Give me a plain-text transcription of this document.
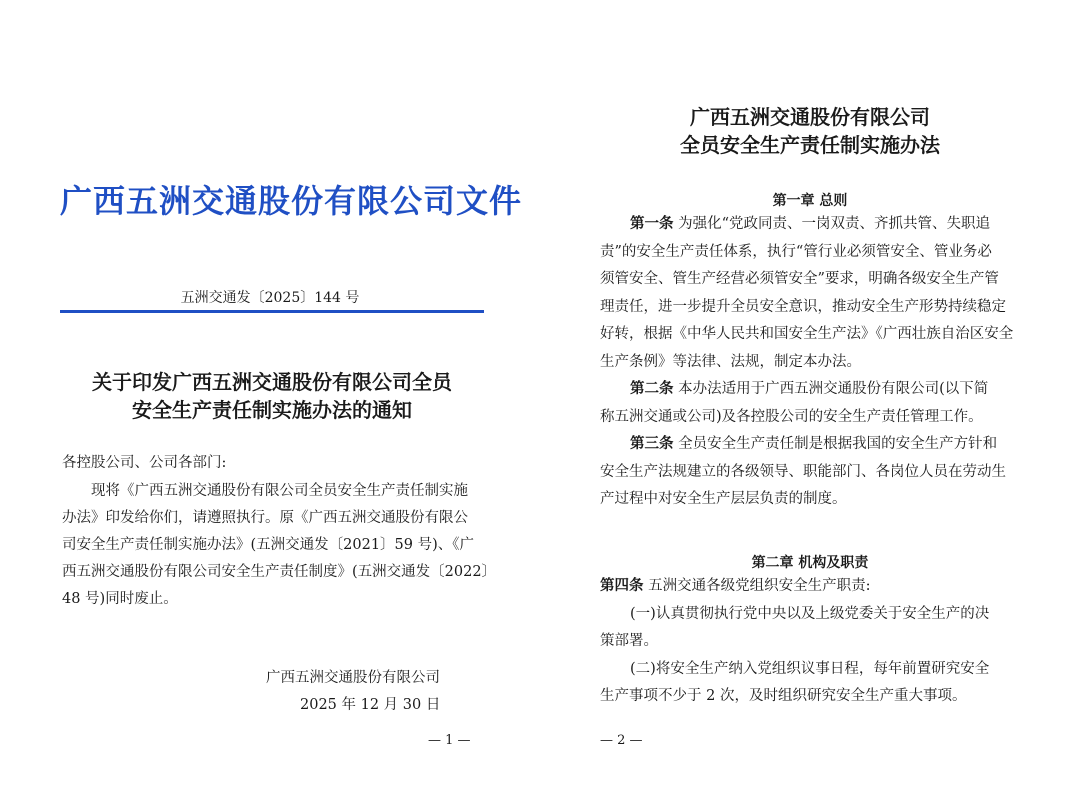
广西五洲交通股份有限公司文件
五洲交通发〔2025〕144 号
关于印发广西五洲交通股份有限公司全员
安全生产责任制实施办法的通知
各控股公司、公司各部门:
现将《广西五洲交通股份有限公司全员安全生产责任制实施
办法》印发给你们，请遵照执行。原《广西五洲交通股份有限公
司安全生产责任制实施办法》(五洲交通发〔2021〕59 号)、《广
西五洲交通股份有限公司安全生产责任制度》(五洲交通发〔2022〕
48 号)同时废止。
广西五洲交通股份有限公司
2025 年 12 月 30 日
— 1 —
广西五洲交通股份有限公司
全员安全生产责任制实施办法
第一章 总则
第一条 为强化“党政同责、一岗双责、齐抓共管、失职追
责”的安全生产责任体系，执行“管行业必须管安全、管业务必
须管安全、管生产经营必须管安全”要求，明确各级安全生产管
理责任，进一步提升全员安全意识，推动安全生产形势持续稳定
好转，根据《中华人民共和国安全生产法》《广西壮族自治区安全
生产条例》等法律、法规，制定本办法。
第二条 本办法适用于广西五洲交通股份有限公司(以下简
称五洲交通或公司)及各控股公司的安全生产责任管理工作。
第三条 全员安全生产责任制是根据我国的安全生产方针和
安全生产法规建立的各级领导、职能部门、各岗位人员在劳动生
产过程中对安全生产层层负责的制度。
第二章 机构及职责
第四条 五洲交通各级党组织安全生产职责:
(一)认真贯彻执行党中央以及上级党委关于安全生产的决
策部署。
(二)将安全生产纳入党组织议事日程，每年前置研究安全
生产事项不少于 2 次，及时组织研究安全生产重大事项。
— 2 —
